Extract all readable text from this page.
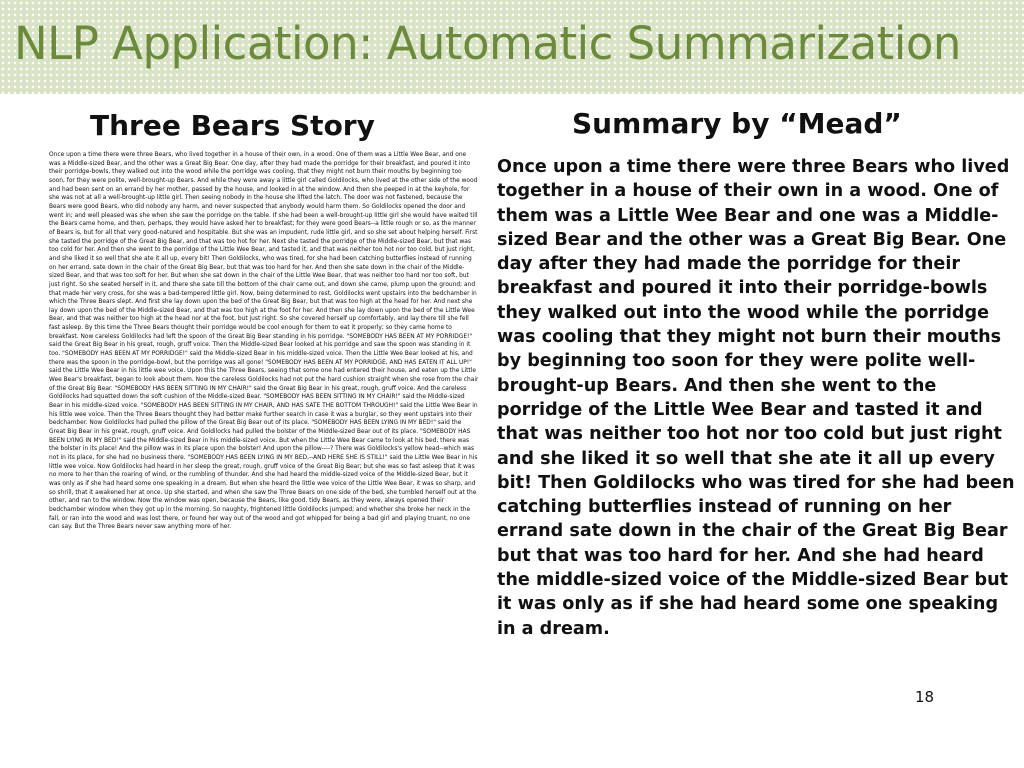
NLP Application: Automatic Summarization
Three Bears Story

Once upon a time there were three Bears, who lived together in a house of their own, in a wood. One of them was a Little Wee Bear, and one was a Middle-sized Bear, and the other was a Great Big Bear. One day, after they had made the porridge for their breakfast, and poured it into their porridge-bowls, they walked out into the wood while the porridge was cooling, that they might not burn their mouths by beginning too soon, for they were polite, well-brought-up Bears. And while they were away a little girl called Goldilocks, who lived at the other side of the wood and had been sent on an errand by her mother, passed by the house, and looked in at the window. And then she peeped in at the keyhole, for she was not at all a well-brought-up little girl. Then seeing nobody in the house she lifted the latch. The door was not fastened, because the Bears were good Bears, who did nobody any harm, and never suspected that anybody would harm them. So Goldilocks opened the door and went in; and well pleased was she when she saw the porridge on the table. If she had been a well-brought-up little girl she would have waited till the Bears came home, and then, perhaps, they would have asked her to breakfast; for they were good Bears--a little rough or so, as the manner of Bears is, but for all that very good-natured and hospitable. But she was an impudent, rude little girl, and so she set about helping herself. First she tasted the porridge of the Great Big Bear, and that was too hot for her. Next she tasted the porridge of the Middle-sized Bear, but that was too cold for her. And then she went to the porridge of the Little Wee Bear, and tasted it, and that was neither too hot nor too cold, but just right, and she liked it so well that she ate it all up, every bit! Then Goldilocks, who was tired, for she had been catching butterflies instead of running on her errand, sate down in the chair of the Great Big Bear, but that was too hard for her. And then she sate down in the chair of the Middle-sized Bear, and that was too soft for her. But when she sat down in the chair of the Little Wee Bear, that was neither too hard nor too soft, but just right. So she seated herself in it, and there she sate till the bottom of the chair came out, and down she came, plump upon the ground; and that made her very cross, for she was a bad-tempered little girl. Now, being determined to rest, Goldilocks went upstairs into the bedchamber in which the Three Bears slept. And first she lay down upon the bed of the Great Big Bear, but that was too high at the head for her. And next she lay down upon the bed of the Middle-sized Bear, and that was too high at the foot for her. And then she lay down upon the bed of the Little Wee Bear, and that was neither too high at the head nor at the foot, but just right. So she covered herself up comfortably, and lay there till she fell fast asleep. By this time the Three Bears thought their porridge would be cool enough for them to eat it properly; so they came home to breakfast. Now careless Goldilocks had left the spoon of the Great Big Bear standing in his porridge. "SOMEBODY HAS BEEN AT MY PORRIDGE!" said the Great Big Bear in his great, rough, gruff voice. Then the Middle-sized Bear looked at his porridge and saw the spoon was standing in it too. "SOMEBODY HAS BEEN AT MY PORRIDGE!" said the Middle-sized Bear in his middle-sized voice. Then the Little Wee Bear looked at his, and there was the spoon in the porridge-bowl, but the porridge was all gone! "SOMEBODY HAS BEEN AT MY PORRIDGE, AND HAS EATEN IT ALL UP!" said the Little Wee Bear in his little wee voice. Upon this the Three Bears, seeing that some one had entered their house, and eaten up the Little Wee Bear's breakfast, began to look about them. Now the careless Goldilocks had not put the hard cushion straight when she rose from the chair of the Great Big Bear. "SOMEBODY HAS BEEN SITTING IN MY CHAIR!" said the Great Big Bear in his great, rough, gruff voice. And the careless Goldilocks had squatted down the soft cushion of the Middle-sized Bear. "SOMEBODY HAS BEEN SITTING IN MY CHAIR!" said the Middle-sized Bear in his middle-sized voice. "SOMEBODY HAS BEEN SITTING IN MY CHAIR, AND HAS SATE THE BOTTOM THROUGH!" said the Little Wee Bear in his little wee voice. Then the Three Bears thought they had better make further search in case it was a burglar, so they went upstairs into their bedchamber. Now Goldilocks had pulled the pillow of the Great Big Bear out of its place. "SOMEBODY HAS BEEN LYING IN MY BED!" said the Great Big Bear in his great, rough, gruff voice. And Goldilocks had pulled the bolster of the Middle-sized Bear out of its place. "SOMEBODY HAS BEEN LYING IN MY BED!" said the Middle-sized Bear in his middle-sized voice. But when the Little Wee Bear came to look at his bed, there was the bolster in its place! And the pillow was in its place upon the bolster! And upon the pillow----? There was Goldilocks's yellow head--which was not in its place, for she had no business there. "SOMEBODY HAS BEEN LYING IN MY BED,--AND HERE SHE IS STILL!" said the Little Wee Bear in his little wee voice. Now Goldilocks had heard in her sleep the great, rough, gruff voice of the Great Big Bear; but she was so fast asleep that it was no more to her than the roaring of wind, or the rumbling of thunder. And she had heard the middle-sized voice of the Middle-sized Bear, but it was only as if she had heard some one speaking in a dream. But when she heard the little wee voice of the Little Wee Bear, it was so sharp, and so shrill, that it awakened her at once. Up she started, and when she saw the Three Bears on one side of the bed, she tumbled herself out at the other, and ran to the window. Now the window was open, because the Bears, like good, tidy Bears, as they were, always opened their bedchamber window when they got up in the morning. So naughty, frightened little Goldilocks jumped; and whether she broke her neck in the fall, or ran into the wood and was lost there, or found her way out of the wood and got whipped for being a bad girl and playing truant, no one can say. But the Three Bears never saw anything more of her.

Summary by “Mead”

Once upon a time there were three Bears who lived together in a house of their own in a wood. One of them was a Little Wee Bear and one was a Middle-sized Bear and the other was a Great Big Bear. One day after they had made the porridge for their breakfast and poured it into their porridge-bowls they walked out into the wood while the porridge was cooling that they might not burn their mouths by beginning too soon for they were polite well-brought-up Bears. And then she went to the porridge of the Little Wee Bear and tasted it and that was neither too hot nor too cold but just right and she liked it so well that she ate it all up every bit! Then Goldilocks who was tired for she had been catching butterflies instead of running on her errand sate down in the chair of the Great Big Bear but that was too hard for her. And she had heard the middle-sized voice of the Middle-sized Bear but it was only as if she had heard some one speaking in a dream.

18
